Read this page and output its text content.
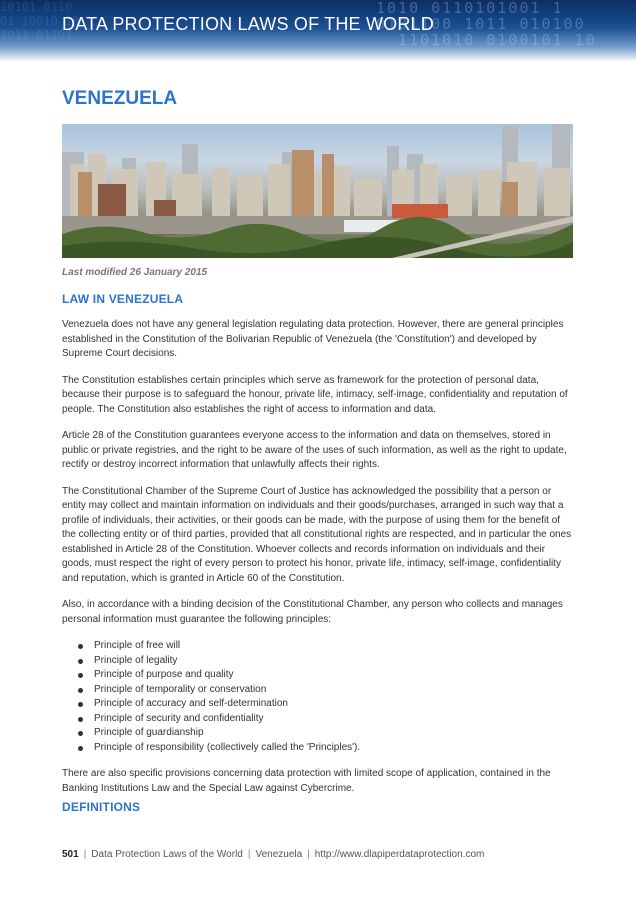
10101 0110
01 10010 10
1011 01101

1010 0110101001 1
0101100 1011 010100
1101010 0100101 10

DATA PROTECTION LAWS OF THE WORLD
VENEZUELA

Last modified 26 January 2015

LAW IN VENEZUELA

Venezuela does not have any general legislation regulating data protection. However, there are general principles established in the Constitution of the Bolivarian Republic of Venezuela (the 'Constitution') and developed by Supreme Court decisions.

The Constitution establishes certain principles which serve as framework for the protection of personal data, because their purpose is to safeguard the honour, private life, intimacy, self-image, confidentiality and reputation of people. The Constitution also establishes the right of access to information and data.

Article 28 of the Constitution guarantees everyone access to the information and data on themselves, stored in public or private registries, and the right to be aware of the uses of such information, as well as the right to update, rectify or destroy incorrect information that unlawfully affects their rights.

The Constitutional Chamber of the Supreme Court of Justice has acknowledged the possibility that a person or entity may collect and maintain information on individuals and their goods/purchases, arranged in such way that a profile of individuals, their activities, or their goods can be made, with the purpose of using them for the benefit of the collecting entity or of third parties, provided that all constitutional rights are respected, and in particular the ones established in Article 28 of the Constitution. Whoever collects and records information on individuals and their goods, must respect the right of every person to protect his honor, private life, intimacy, self-image, confidentiality and reputation, which is granted in Article 60 of the Constitution.

Also, in accordance with a binding decision of the Constitutional Chamber, any person who collects and manages personal information must guarantee the following principles:

Principle of free will
Principle of legality
Principle of purpose and quality
Principle of temporality or conservation
Principle of accuracy and self-determination
Principle of security and confidentiality
Principle of guardianship
Principle of responsibility (collectively called the 'Principles').

There are also specific provisions concerning data protection with limited scope of application, contained in the Banking Institutions Law and the Special Law against Cybercrime.

DEFINITIONS
501 | Data Protection Laws of the World | Venezuela | http://www.dlapiperdataprotection.com
